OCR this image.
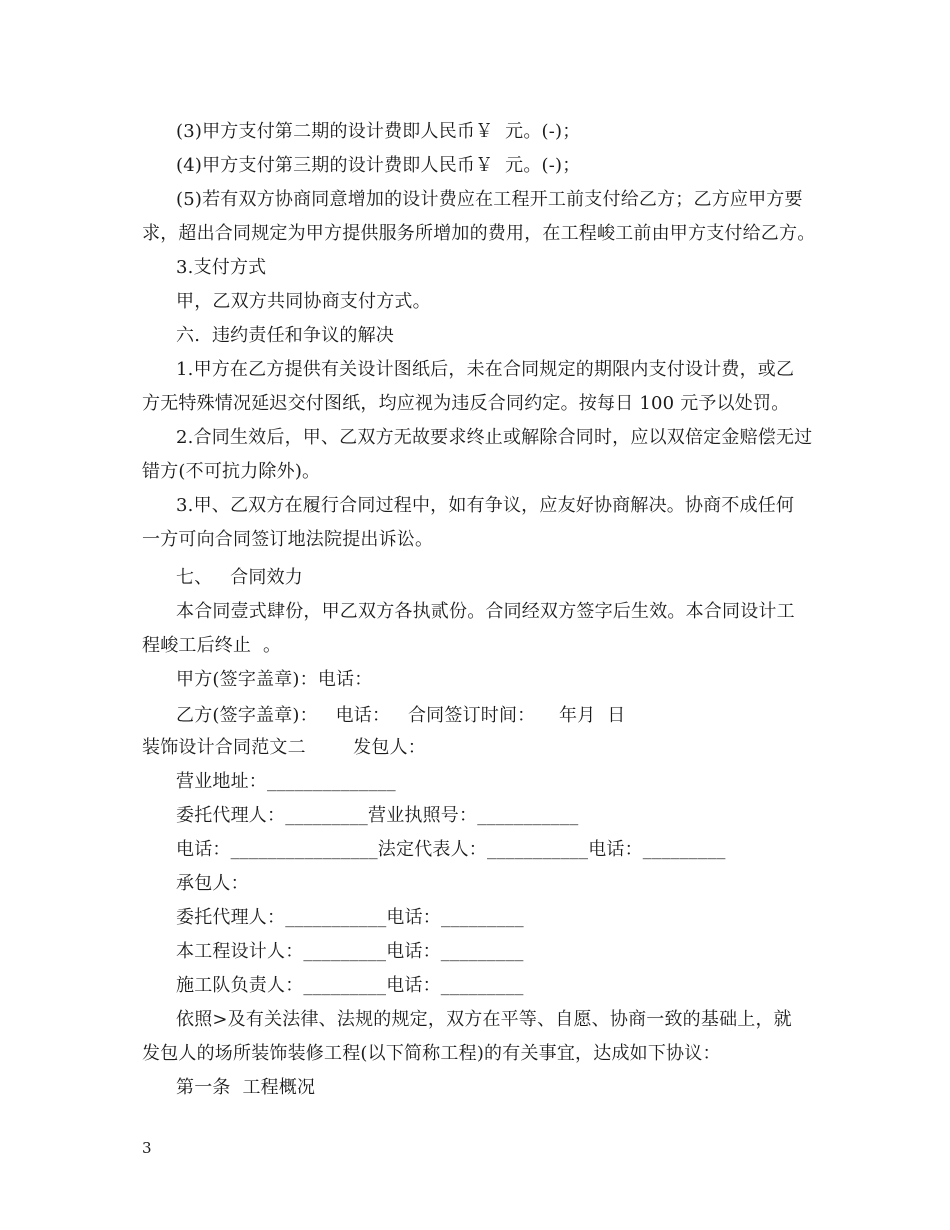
(3)甲方支付第二期的设计费即人民币￥  元。(-)；
(4)甲方支付第三期的设计费即人民币￥  元。(-)；
(5)若有双方协商同意增加的设计费应在工程开工前支付给乙方；乙方应甲方要
求，超出合同规定为甲方提供服务所增加的费用，在工程峻工前由甲方支付给乙方。
3.支付方式
甲，乙双方共同协商支付方式。
六.  违约责任和争议的解决
1.甲方在乙方提供有关设计图纸后，未在合同规定的期限内支付设计费，或乙
方无特殊情况延迟交付图纸，均应视为违反合同约定。按每日 100 元予以处罚。
2.合同生效后，甲、乙双方无故要求终止或解除合同时，应以双倍定金赔偿无过
错方(不可抗力除外)。
3.甲、乙双方在履行合同过程中，如有争议，应友好协商解决。协商不成任何
一方可向合同签订地法院提出诉讼。
七、   合同效力
本合同壹式肆份，甲乙双方各执贰份。合同经双方签字后生效。本合同设计工
程峻工后终止  。
甲方(签字盖章)：电话：
乙方(签字盖章)：   电话：   合同签订时间：    年月  日
装饰设计合同范文二        发包人：
营业地址：______________
委托代理人：_________营业执照号：___________
电话：________________法定代表人：___________电话：_________
承包人：
委托代理人：___________电话：_________
本工程设计人：_________电话：_________
施工队负责人：_________电话：_________
依照>及有关法律、法规的规定，双方在平等、自愿、协商一致的基础上，就
发包人的场所装饰装修工程(以下简称工程)的有关事宜，达成如下协议：
第一条  工程概况
3
